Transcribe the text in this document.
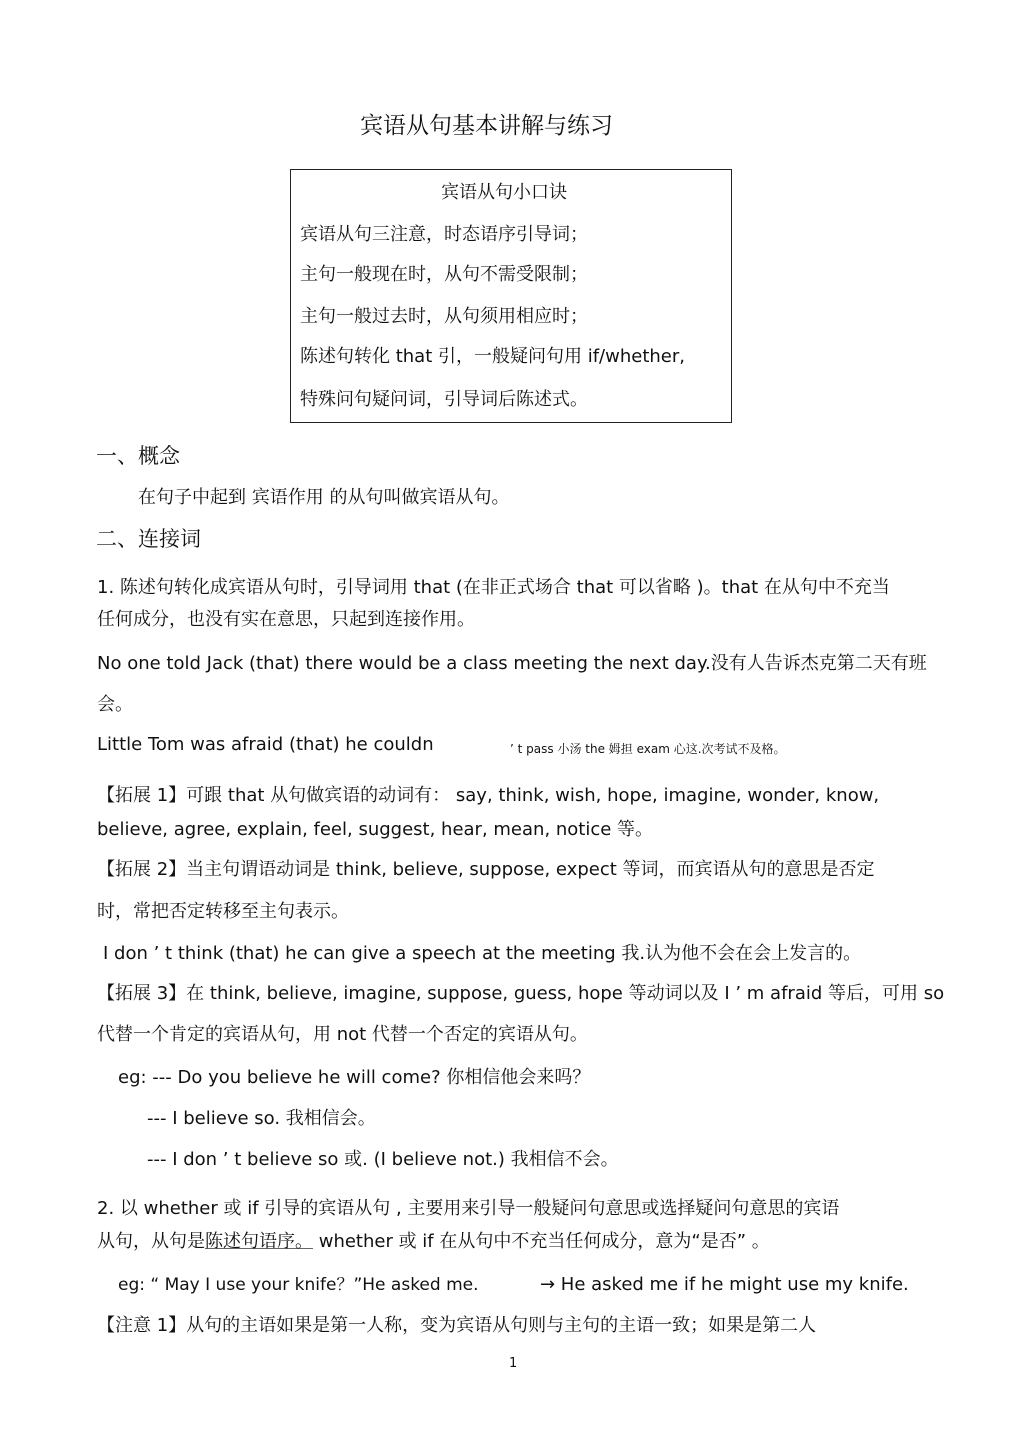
宾语从句基本讲解与练习
宾语从句小口诀
宾语从句三注意，时态语序引导词；
主句一般现在时，从句不需受限制；
主句一般过去时，从句须用相应时；
陈述句转化 that 引，一般疑问句用 if/whether,
特殊问句疑问词，引导词后陈述式。
一、概念
在句子中起到 宾语作用 的从句叫做宾语从句。
二、连接词
1. 陈述句转化成宾语从句时，引导词用 that (在非正式场合 that 可以省略 )。that 在从句中不充当
任何成分，也没有实在意思，只起到连接作用。
No one told Jack (that) there would be a class meeting the next day.没有人告诉杰克第二天有班
会。
Little Tom was afraid (that) he couldn	’ t pass 小汤 the 姆担 exam 心这.次考试不及格。
【拓展 1】可跟 that 从句做宾语的动词有： say, think, wish, hope, imagine, wonder, know,
believe, agree, explain, feel, suggest, hear, mean, notice 等。
【拓展 2】当主句谓语动词是 think, believe, suppose, expect 等词，而宾语从句的意思是否定
时，常把否定转移至主句表示。
I don ’ t think (that) he can give a speech at the meeting 我.认为他不会在会上发言的。
【拓展 3】在 think, believe, imagine, suppose, guess, hope 等动词以及 I ’ m afraid 等后，可用 so
代替一个肯定的宾语从句，用 not 代替一个否定的宾语从句。
eg: --- Do you believe he will come? 你相信他会来吗？
--- I believe so. 我相信会。
--- I don ’ t believe so 或. (I believe not.) 我相信不会。
2. 以 whether 或 if 引导的宾语从句 , 主要用来引导一般疑问句意思或选择疑问句意思的宾语
从句，从句是陈述句语序。 whether 或 if 在从句中不充当任何成分，意为“是否” 。
eg: “ May I use your knife？”He asked me.	→ He asked me if he might use my knife.
【注意 1】从句的主语如果是第一人称，变为宾语从句则与主句的主语一致；如果是第二人
1
